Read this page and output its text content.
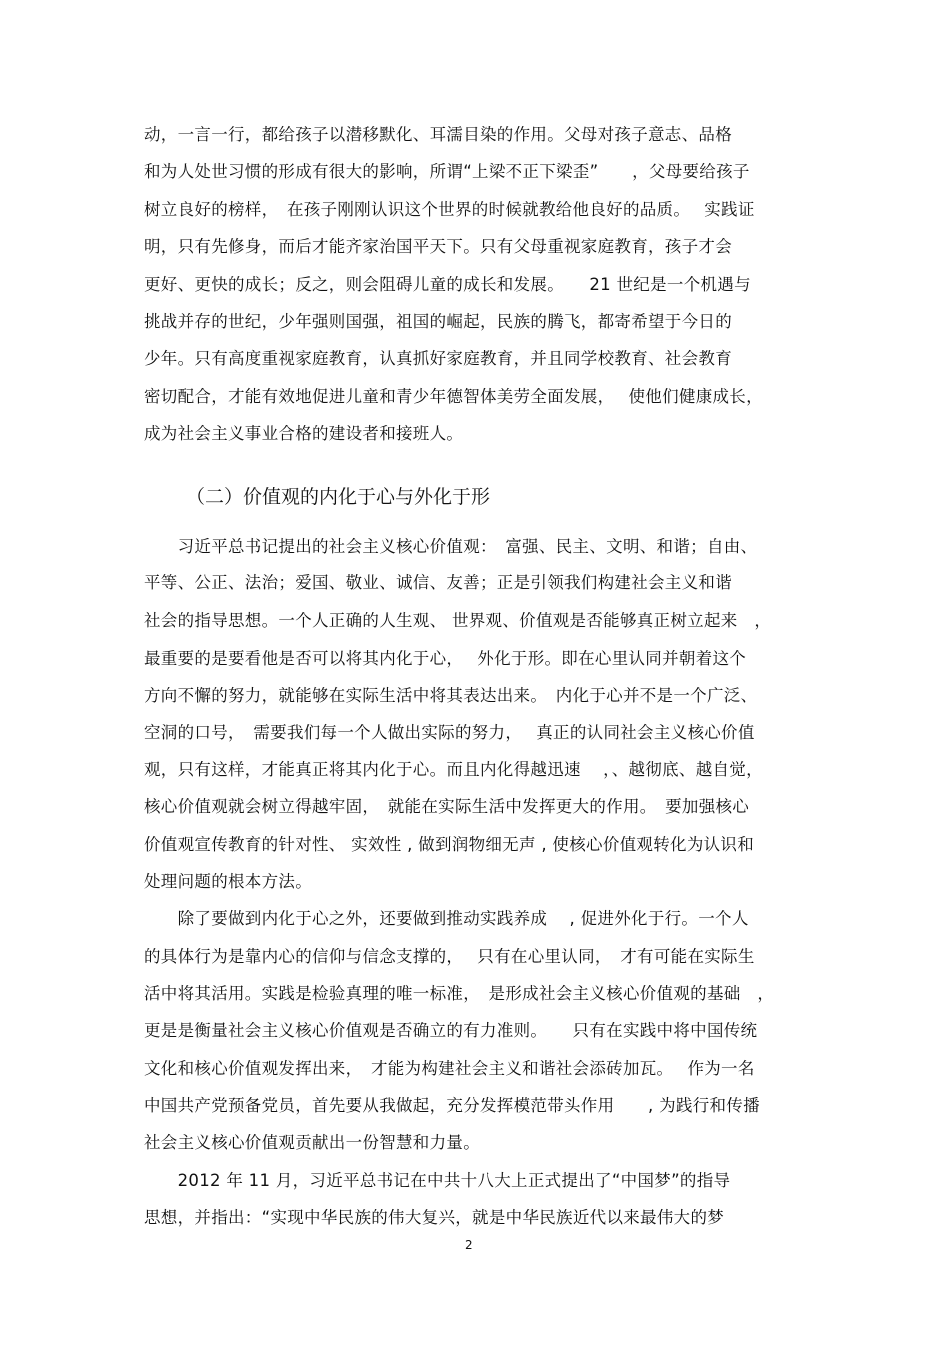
动，一言一行，都给孩子以潜移默化、耳濡目染的作用。父母对孩子意志、品格
和为人处世习惯的形成有很大的影响，所谓“上梁不正下梁歪”　　，父母要给孩子
树立良好的榜样，　在孩子刚刚认识这个世界的时候就教给他良好的品质。　 实践证
明，只有先修身，而后才能齐家治国平天下。只有父母重视家庭教育，孩子才会
更好、更快的成长；反之，则会阻碍儿童的成长和发展。　　21 世纪是一个机遇与
挑战并存的世纪，少年强则国强，祖国的崛起，民族的腾飞，都寄希望于今日的
少年。只有高度重视家庭教育，认真抓好家庭教育，并且同学校教育、社会教育
密切配合，才能有效地促进儿童和青少年德智体美劳全面发展，　 使他们健康成长，
成为社会主义事业合格的建设者和接班人。
（二）价值观的内化于心与外化于形
　　习近平总书记提出的社会主义核心价值观：　富强、民主、文明、和谐；自由、
平等、公正、法治；爱国、敬业、诚信、友善；正是引领我们构建社会主义和谐
社会的指导思想。一个人正确的人生观、 世界观、价值观是否能够真正树立起来　，
最重要的是要看他是否可以将其内化于心，　 外化于形。即在心里认同并朝着这个
方向不懈的努力，就能够在实际生活中将其表达出来。　内化于心并不是一个广泛、
空洞的口号，　需要我们每一个人做出实际的努力，　 真正的认同社会主义核心价值
观，只有这样，才能真正将其内化于心。而且内化得越迅速　 ，、越彻底、越自觉，
核心价值观就会树立得越牢固，　就能在实际生活中发挥更大的作用。　要加强核心
价值观宣传教育的针对性、 实效性 , 做到润物细无声 , 使核心价值观转化为认识和
处理问题的根本方法。
　　除了要做到内化于心之外，还要做到推动实践养成　 , 促进外化于行。一个人
的具体行为是靠内心的信仰与信念支撑的，　 只有在心里认同，　才有可能在实际生
活中将其活用。实践是检验真理的唯一标准，　是形成社会主义核心价值观的基础　，
更是是衡量社会主义核心价值观是否确立的有力准则。　　只有在实践中将中国传统
文化和核心价值观发挥出来，　才能为构建社会主义和谐社会添砖加瓦。　 作为一名
中国共产党预备党员，首先要从我做起，充分发挥模范带头作用　　, 为践行和传播
社会主义核心价值观贡献出一份智慧和力量。
　　2012 年 11 月，习近平总书记在中共十八大上正式提出了“中国梦”的指导
思想，并指出：“实现中华民族的伟大复兴，就是中华民族近代以来最伟大的梦
2
